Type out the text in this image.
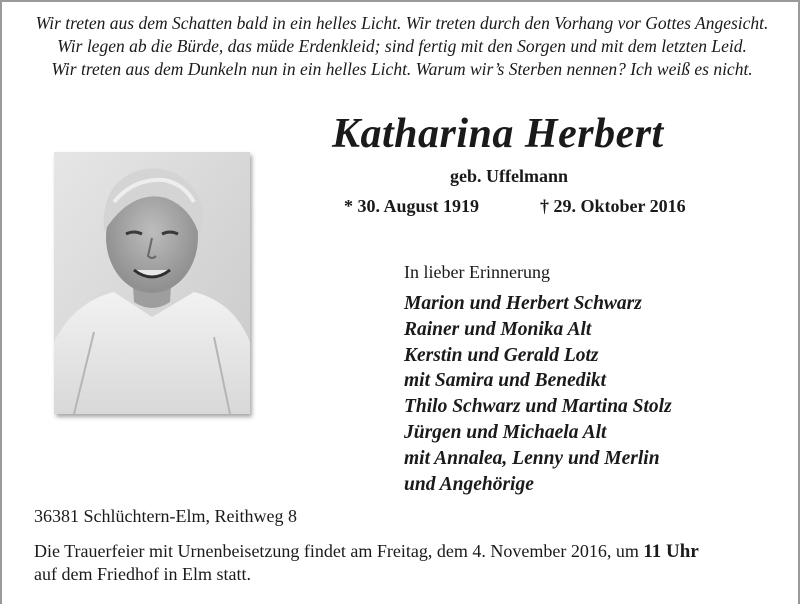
Wir treten aus dem Schatten bald in ein helles Licht. Wir treten durch den Vorhang vor Gottes Angesicht.
Wir legen ab die Bürde, das müde Erdenkleid; sind fertig mit den Sorgen und mit dem letzten Leid.
Wir treten aus dem Dunkeln nun in ein helles Licht. Warum wir’s Sterben nennen? Ich weiß es nicht.
Katharina Herbert
geb. Uffelmann
* 30. August 1919	† 29. Oktober 2016
In lieber Erinnerung
Marion und Herbert Schwarz
Rainer und Monika Alt
Kerstin und Gerald Lotz
mit Samira und Benedikt
Thilo Schwarz und Martina Stolz
Jürgen und Michaela Alt
mit Annalea, Lenny und Merlin
und Angehörige
36381 Schlüchtern-Elm, Reithweg 8
Die Trauerfeier mit Urnenbeisetzung findet am Freitag, dem 4. November 2016, um 11 Uhr
auf dem Friedhof in Elm statt.
